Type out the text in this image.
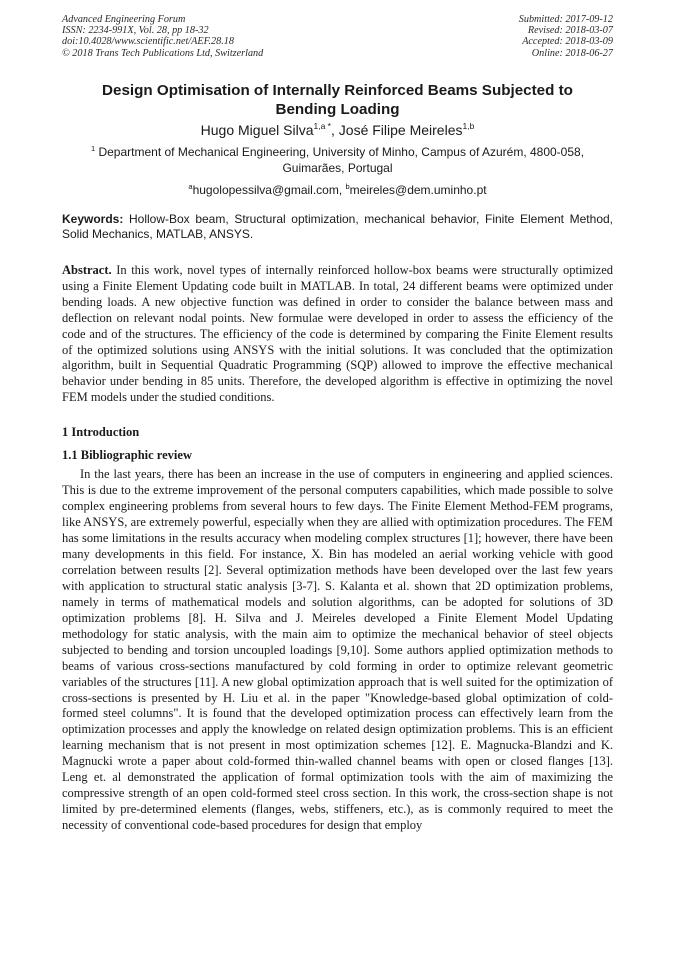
Advanced Engineering Forum
ISSN: 2234-991X, Vol. 28, pp 18-32
doi:10.4028/www.scientific.net/AEF.28.18
© 2018 Trans Tech Publications Ltd, Switzerland
Submitted: 2017-09-12
Revised: 2018-03-07
Accepted: 2018-03-09
Online: 2018-06-27
Design Optimisation of Internally Reinforced Beams Subjected to Bending Loading
Hugo Miguel Silva$^{1,a *}$, José Filipe Meireles$^{1,b}$
$^1$ Department of Mechanical Engineering, University of Minho, Campus of Azurém, 4800-058, Guimarães, Portugal
$^a$hugolopessilva@gmail.com, $^b$meireles@dem.uminho.pt
Keywords: Hollow-Box beam, Structural optimization, mechanical behavior, Finite Element Method, Solid Mechanics, MATLAB, ANSYS.
Abstract. In this work, novel types of internally reinforced hollow-box beams were structurally optimized using a Finite Element Updating code built in MATLAB. In total, 24 different beams were optimized under bending loads. A new objective function was defined in order to consider the balance between mass and deflection on relevant nodal points. New formulae were developed in order to assess the efficiency of the code and of the structures. The efficiency of the code is determined by comparing the Finite Element results of the optimized solutions using ANSYS with the initial solutions. It was concluded that the optimization algorithm, built in Sequential Quadratic Programming (SQP) allowed to improve the effective mechanical behavior under bending in 85 units. Therefore, the developed algorithm is effective in optimizing the novel FEM models under the studied conditions.
1 Introduction
1.1 Bibliographic review
In the last years, there has been an increase in the use of computers in engineering and applied sciences. This is due to the extreme improvement of the personal computers capabilities, which made possible to solve complex engineering problems from several hours to few days. The Finite Element Method-FEM programs, like ANSYS, are extremely powerful, especially when they are allied with optimization procedures. The FEM has some limitations in the results accuracy when modeling complex structures [1]; however, there have been many developments in this field. For instance, X. Bin has modeled an aerial working vehicle with good correlation between results [2]. Several optimization methods have been developed over the last few years with application to structural static analysis [3-7]. S. Kalanta et al. shown that 2D optimization problems, namely in terms of mathematical models and solution algorithms, can be adopted for solutions of 3D optimization problems [8]. H. Silva and J. Meireles developed a Finite Element Model Updating methodology for static analysis, with the main aim to optimize the mechanical behavior of steel objects subjected to bending and torsion uncoupled loadings [9,10]. Some authors applied optimization methods to beams of various cross-sections manufactured by cold forming in order to optimize relevant geometric variables of the structures [11]. A new global optimization approach that is well suited for the optimization of cross-sections is presented by H. Liu et al. in the paper "Knowledge-based global optimization of cold-formed steel columns". It is found that the developed optimization process can effectively learn from the optimization processes and apply the knowledge on related design optimization problems. This is an efficient learning mechanism that is not present in most optimization schemes [12]. E. Magnucka-Blandzi and K. Magnucki wrote a paper about cold-formed thin-walled channel beams with open or closed flanges [13]. Leng et. al demonstrated the application of formal optimization tools with the aim of maximizing the compressive strength of an open cold-formed steel cross section. In this work, the cross-section shape is not limited by pre-determined elements (flanges, webs, stiffeners, etc.), as is commonly required to meet the necessity of conventional code-based procedures for design that employ
